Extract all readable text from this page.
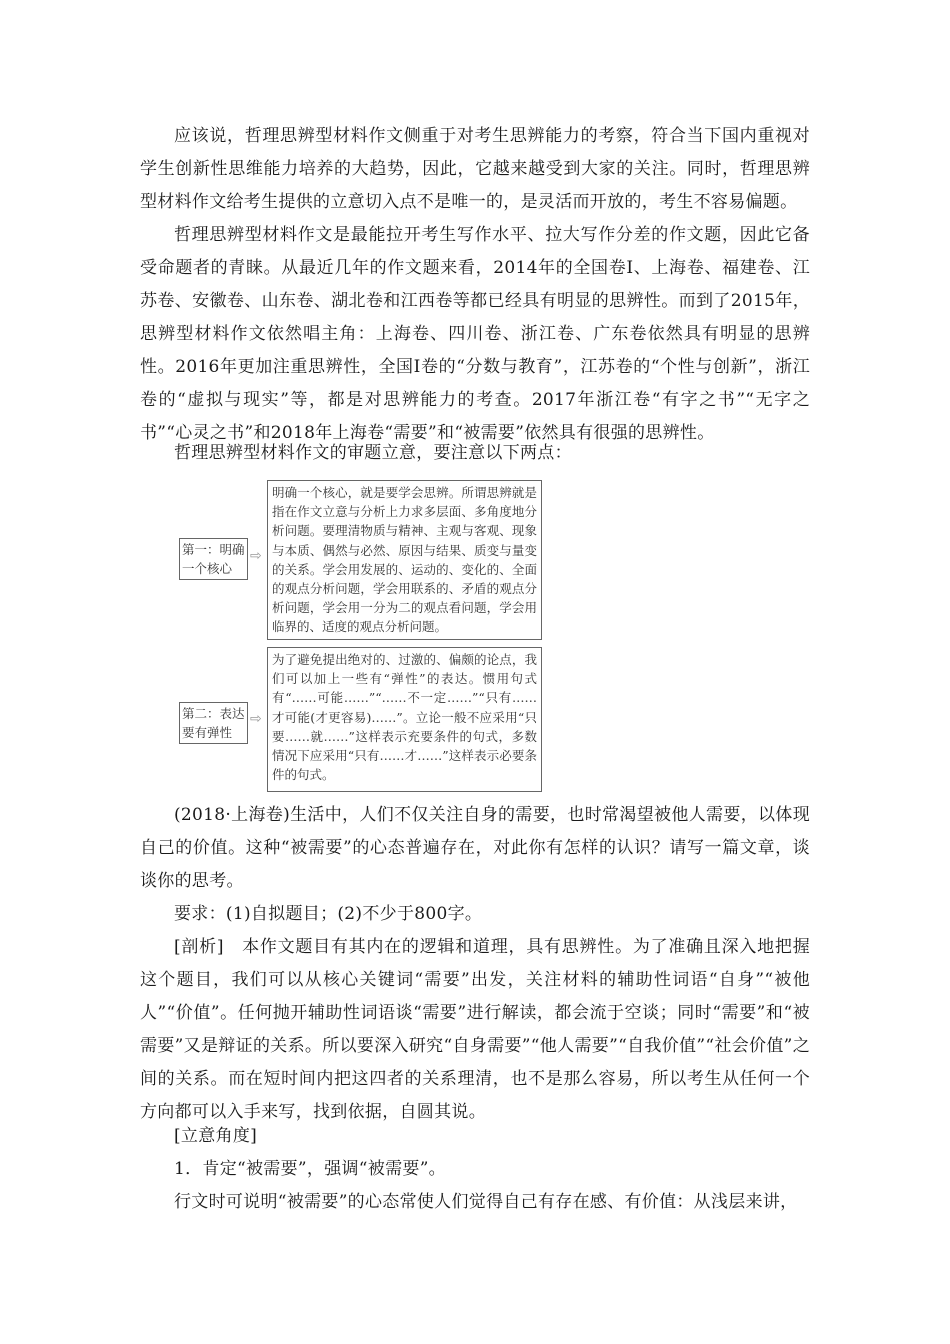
应该说，哲理思辨型材料作文侧重于对考生思辨能力的考察，符合当下国内重视对学生创新性思维能力培养的大趋势，因此，它越来越受到大家的关注。同时，哲理思辨型材料作文给考生提供的立意切入点不是唯一的，是灵活而开放的，考生不容易偏题。

哲理思辨型材料作文是最能拉开考生写作水平、拉大写作分差的作文题，因此它备受命题者的青睐。从最近几年的作文题来看，2014年的全国卷Ⅰ、上海卷、福建卷、江苏卷、安徽卷、山东卷、湖北卷和江西卷等都已经具有明显的思辨性。而到了2015年，思辨型材料作文依然唱主角：上海卷、四川卷、浙江卷、广东卷依然具有明显的思辨性。2016年更加注重思辨性，全国Ⅰ卷的“分数与教育”，江苏卷的“个性与创新”，浙江卷的“虚拟与现实”等，都是对思辨能力的考查。2017年浙江卷“有字之书”“无字之书”“心灵之书”和2018年上海卷“需要”和“被需要”依然具有很强的思辨性。

哲理思辨型材料作文的审题立意，要注意以下两点：

第一：明确一个核心
⇨
明确一个核心，就是要学会思辨。所谓思辨就是指在作文立意与分析上力求多层面、多角度地分析问题。要理清物质与精神、主观与客观、现象与本质、偶然与必然、原因与结果、质变与量变的关系。学会用发展的、运动的、变化的、全面的观点分析问题，学会用联系的、矛盾的观点分析问题，学会用一分为二的观点看问题，学会用临界的、适度的观点分析问题。
第二：表达要有弹性
⇨
为了避免提出绝对的、过激的、偏颇的论点，我们可以加上一些有“弹性”的表达。惯用句式有“……可能……”“……不一定……”“只有……才可能(才更容易)……”。立论一般不应采用“只要……就……”这样表示充要条件的句式，多数情况下应采用“只有……才……”这样表示必要条件的句式。

(2018·上海卷)生活中，人们不仅关注自身的需要，也时常渴望被他人需要，以体现自己的价值。这种“被需要”的心态普遍存在，对此你有怎样的认识？请写一篇文章，谈谈你的思考。

要求：(1)自拟题目；(2)不少于800字。

[剖析]　本作文题目有其内在的逻辑和道理，具有思辨性。为了准确且深入地把握这个题目，我们可以从核心关键词“需要”出发，关注材料的辅助性词语“自身”“被他人”“价值”。任何抛开辅助性词语谈“需要”进行解读，都会流于空谈；同时“需要”和“被需要”又是辩证的关系。所以要深入研究“自身需要”“他人需要”“自我价值”“社会价值”之间的关系。而在短时间内把这四者的关系理清，也不是那么容易，所以考生从任何一个方向都可以入手来写，找到依据，自圆其说。

[立意角度]

1．肯定“被需要”，强调“被需要”。

行文时可说明“被需要”的心态常使人们觉得自己有存在感、有价值：从浅层来讲，
